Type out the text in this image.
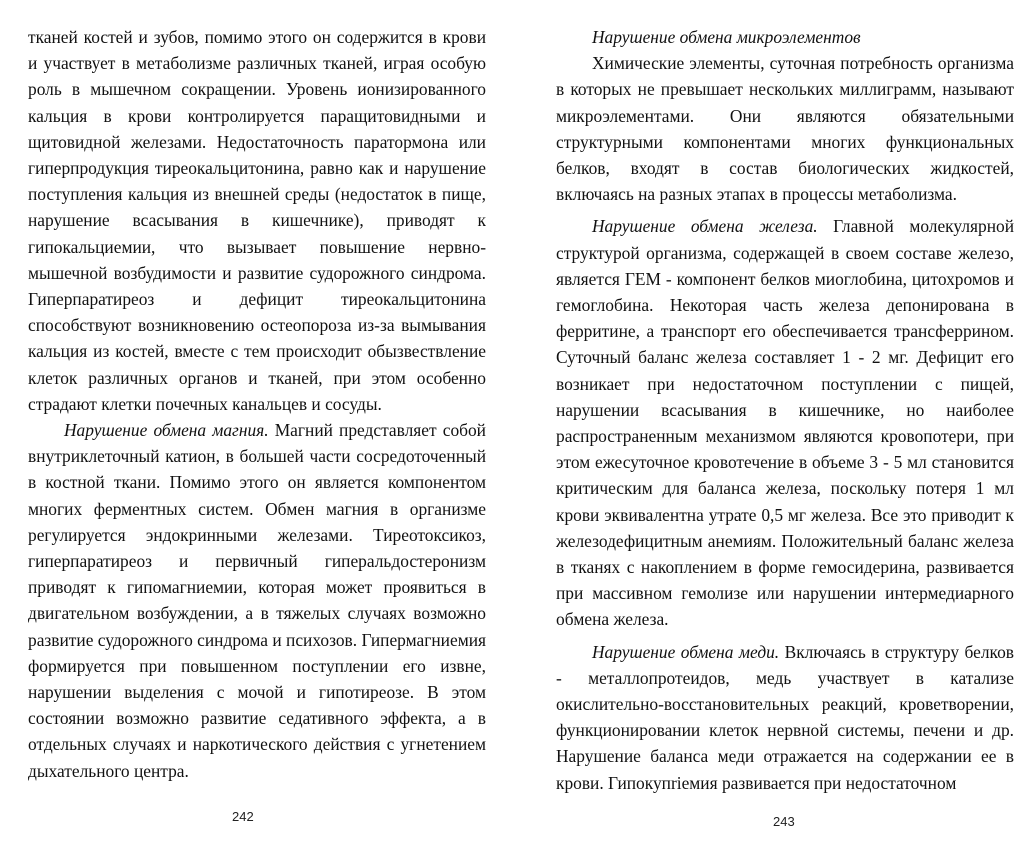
тканей костей и зубов, помимо этого он содержится в крови и участвует в метаболизме различных тканей, играя особую роль в мышечном сокращении. Уровень ионизированного кальция в крови контролируется паращитовидными и щитовидной железами. Недостаточность паратормона или гиперпродукция тиреокальцитонина, равно как и нарушение поступления кальция из внешней среды (недостаток в пище, нарушение всасывания в кишечнике), приводят к гипокальциемии, что вызывает повышение нервно-мышечной возбудимости и развитие судорожного синдрома. Гиперпаратиреоз и дефицит тиреокальцитонина способствуют возникновению остеопороза из-за вымывания кальция из костей, вместе с тем происходит обызвествление клеток различных органов и тканей, при этом особенно страдают клетки почечных канальцев и сосуды.

Нарушение обмена магния. Магний представляет собой внутриклеточный катион, в большей части сосредоточенный в костной ткани. Помимо этого он является компонентом многих ферментных систем. Обмен магния в организме регулируется эндокринными железами. Тиреотоксикоз, гиперпаратиреоз и первичный гиперальдостеронизм приводят к гипомагниемии, которая может проявиться в двигательном возбуждении, а в тяжелых случаях возможно развитие судорожного синдрома и психозов. Гипермагниемия формируется при повышенном поступлении его извне, нарушении выделения с мочой и гипотиреозе. В этом состоянии возможно развитие седативного эффекта, а в отдельных случаях и наркотического действия с угнетением дыхательного центра.

242

Нарушение обмена микроэлементов

Химические элементы, суточная потребность организма в которых не превышает нескольких миллиграмм, называют микроэлементами. Они являются обязательными структурными компонентами многих функциональных белков, входят в состав биологических жидкостей, включаясь на разных этапах в процессы метаболизма.

Нарушение обмена железа. Главной молекулярной структурой организма, содержащей в своем составе железо, является ГЕМ - компонент белков миоглобина, цитохромов и гемоглобина. Некоторая часть железа депонирована в ферритине, а транспорт его обеспечивается трансферрином. Суточный баланс железа составляет 1 - 2 мг. Дефицит его возникает при недостаточном поступлении с пищей, нарушении всасывания в кишечнике, но наиболее распространенным механизмом являются кровопотери, при этом ежесуточное кровотечение в объеме 3 - 5 мл становится критическим для баланса железа, поскольку потеря 1 мл крови эквивалентна утрате 0,5 мг железа. Все это приводит к железодефицитным анемиям. Положительный баланс железа в тканях с накоплением в форме гемосидерина, развивается при массивном гемолизе или нарушении интермедиарного обмена железа.

Нарушение обмена меди. Включаясь в структуру белков - металлопротеидов, медь участвует в катализе окислительно-восстановительных реакций, кроветворении, функционировании клеток нервной системы, печени и др. Нарушение баланса меди отражается на содержании ее в крови. Гипокупriемия развивается при недостаточном

243
